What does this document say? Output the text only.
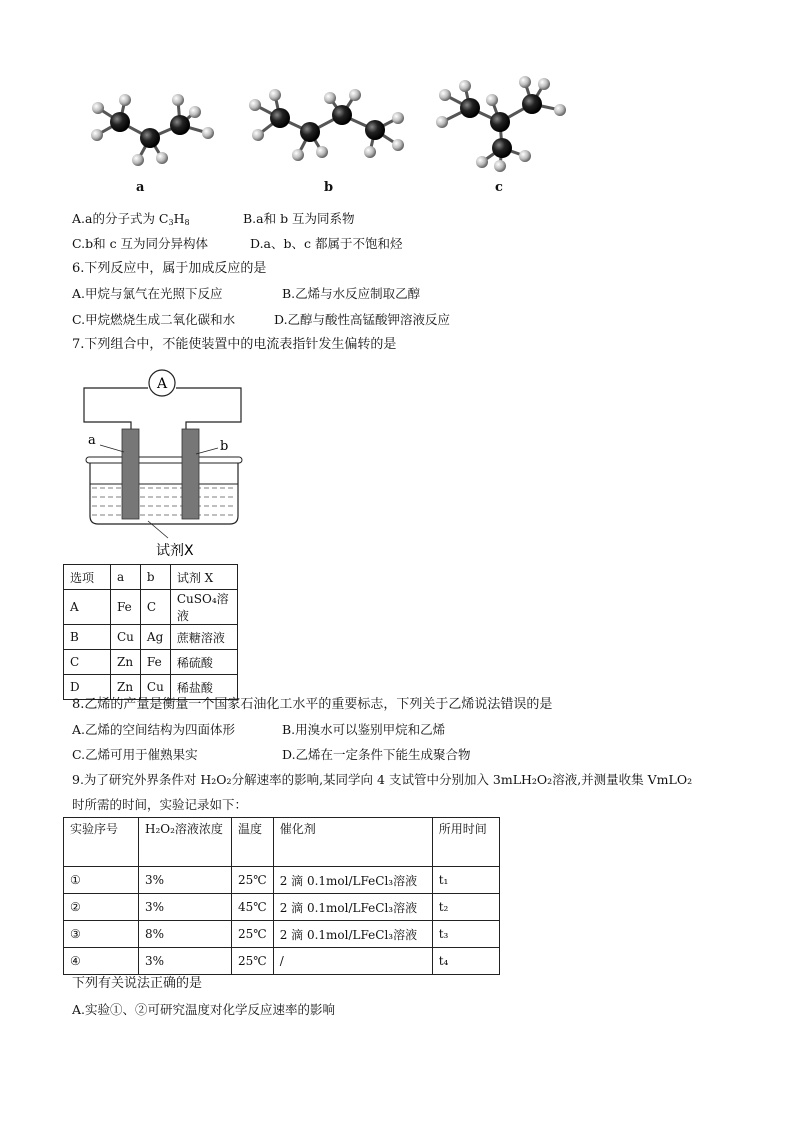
a	b	c
A.a的分子式为 $C_3H_8$	B.a和 b 互为同系物
C.b和 c 互为同分异构体	D.a、b、c 都属于不饱和烃
6.下列反应中，属于加成反应的是
A.甲烷与氯气在光照下反应	B.乙烯与水反应制取乙醇
C.甲烷燃烧生成二氧化碳和水	D.乙醇与酸性高锰酸钾溶液反应
7.下列组合中，不能使装置中的电流表指针发生偏转的是
A
a	b
试剂X
选项	a	b	试剂 X
A	Fe	C	CuSO₄溶液
B	Cu	Ag	蔗糖溶液
C	Zn	Fe	稀硫酸
D	Zn	Cu	稀盐酸
8.乙烯的产量是衡量一个国家石油化工水平的重要标志，下列关于乙烯说法错误的是
A.乙烯的空间结构为四面体形	B.用溴水可以鉴别甲烷和乙烯
C.乙烯可用于催熟果实	D.乙烯在一定条件下能生成聚合物
9.为了研究外界条件对 H₂O₂分解速率的影响,某同学向 4 支试管中分别加入 3mLH₂O₂溶液,并测量收集 VmLO₂
时所需的时间，实验记录如下：
实验序号	H₂O₂溶液浓度	温度	催化剂	所用时间
①	3%	25℃	2 滴 0.1mol/LFeCl₃溶液	t₁
②	3%	45℃	2 滴 0.1mol/LFeCl₃溶液	t₂
③	8%	25℃	2 滴 0.1mol/LFeCl₃溶液	t₃
④	3%	25℃	/	t₄
下列有关说法正确的是
A.实验①、②可研究温度对化学反应速率的影响
